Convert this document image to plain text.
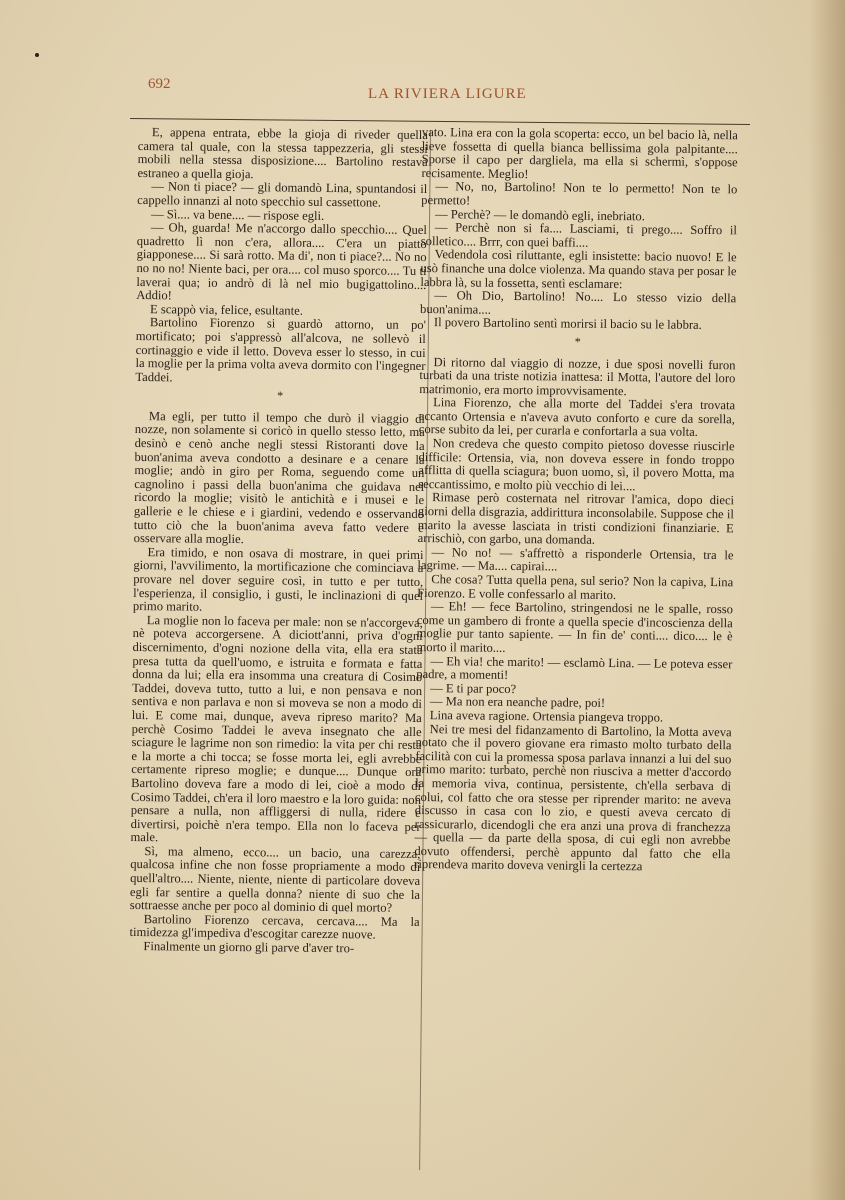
692
LA RIVIERA LIGURE

E, appena entrata, ebbe la gioja di riveder quella camera tal quale, con la stessa tappezzeria, gli stessi mobili nella stessa disposizione.... Bartolino restava estraneo a quella gioja.

— Non ti piace? — gli domandò Lina, spuntandosi il cappello innanzi al noto specchio sul cassettone.

— Sì.... va bene.... — rispose egli.

— Oh, guarda! Me n'accorgo dallo specchio.... Quel quadretto lì non c'era, allora.... C'era un piatto giapponese.... Si sarà rotto. Ma di', non ti piace?... No no no no no! Niente baci, per ora.... col muso sporco.... Tu ti laverai qua; io andrò di là nel mio bugigattolino.... Addio!

E scappò via, felice, esultante.

Bartolino Fiorenzo si guardò attorno, un po' mortificato; poi s'appressò all'alcova, ne sollevò il cortinaggio e vide il letto. Doveva esser lo stesso, in cui la moglie per la prima volta aveva dormito con l'ingegner Taddei.

*

Ma egli, per tutto il tempo che durò il viaggio di nozze, non solamente si coricò in quello stesso letto, ma desinò e cenò anche negli stessi Ristoranti dove la buon'anima aveva condotto a desinare e a cenare la moglie; andò in giro per Roma, seguendo come un cagnolino i passi della buon'anima che guidava nel ricordo la moglie; visitò le antichità e i musei e le gallerie e le chiese e i giardini, vedendo e osservando tutto ciò che la buon'anima aveva fatto vedere e osservare alla moglie.

Era timido, e non osava di mostrare, in quei primi giorni, l'avvilimento, la mortificazione che cominciava a provare nel dover seguire così, in tutto e per tutto, l'esperienza, il consiglio, i gusti, le inclinazioni di quel primo marito.

La moglie non lo faceva per male: non se n'accorgeva, nè poteva accorgersene. A diciott'anni, priva d'ogni discernimento, d'ogni nozione della vita, ella era stata presa tutta da quell'uomo, e istruita e formata e fatta donna da lui; ella era insomma una creatura di Cosimo Taddei, doveva tutto, tutto a lui, e non pensava e non sentiva e non parlava e non si moveva se non a modo di lui. E come mai, dunque, aveva ripreso marito? Ma perchè Cosimo Taddei le aveva insegnato che alle sciagure le lagrime non son rimedio: la vita per chi resta e la morte a chi tocca; se fosse morta lei, egli avrebbe certamente ripreso moglie; e dunque.... Dunque ora Bartolino doveva fare a modo di lei, cioè a modo di Cosimo Taddei, ch'era il loro maestro e la loro guida: non pensare a nulla, non affliggersi di nulla, ridere e divertirsi, poichè n'era tempo. Ella non lo faceva per male.

Sì, ma almeno, ecco.... un bacio, una carezza, qualcosa infine che non fosse propriamente a modo di quell'altro.... Niente, niente, niente di particolare doveva egli far sentire a quella donna? niente di suo che la sottraesse anche per poco al dominio di quel morto?

Bartolino Fiorenzo cercava, cercava.... Ma la timidezza gl'impediva d'escogitar carezze nuove.

Finalmente un giorno gli parve d'aver tro-

vato. Lina era con la gola scoperta: ecco, un bel bacio là, nella lieve fossetta di quella bianca bellissima gola palpitante.... Sporse il capo per dargliela, ma ella si schermì, s'oppose recisamente. Meglio!

— No, no, Bartolino! Non te lo permetto! Non te lo permetto!

— Perchè? — le domandò egli, inebriato.

— Perchè non si fa.... Lasciami, ti prego.... Soffro il solletico.... Brrr, con quei baffi....

Vedendola così riluttante, egli insistette: bacio nuovo! E le usò finanche una dolce violenza. Ma quando stava per posar le labbra là, su la fossetta, sentì esclamare:

— Oh Dio, Bartolino! No.... Lo stesso vizio della buon'anima....

Il povero Bartolino sentì morirsi il bacio su le labbra.

*

Di ritorno dal viaggio di nozze, i due sposi novelli furon turbati da una triste notizia inattesa: il Motta, l'autore del loro matrimonio, era morto improvvisamente.

Lina Fiorenzo, che alla morte del Taddei s'era trovata accanto Ortensia e n'aveva avuto conforto e cure da sorella, corse subito da lei, per curarla e confortarla a sua volta.

Non credeva che questo compito pietoso dovesse riuscirle difficile: Ortensia, via, non doveva essere in fondo troppo afflitta di quella sciagura; buon uomo, sì, il povero Motta, ma seccantissimo, e molto più vecchio di lei....

Rimase però costernata nel ritrovar l'amica, dopo dieci giorni della disgrazia, addirittura inconsolabile. Suppose che il marito la avesse lasciata in tristi condizioni finanziarie. E arrischiò, con garbo, una domanda.

— No no! — s'affrettò a risponderle Ortensia, tra le lagrime. — Ma.... capirai....

Che cosa? Tutta quella pena, sul serio? Non la capiva, Lina Fiorenzo. E volle confessarlo al marito.

— Eh! — fece Bartolino, stringendosi ne le spalle, rosso come un gambero di fronte a quella specie d'incoscienza della moglie pur tanto sapiente. — In fin de' conti.... dico.... le è morto il marito....

— Eh via! che marito! — esclamò Lina. — Le poteva esser padre, a momenti!

— E ti par poco?

— Ma non era neanche padre, poi!

Lina aveva ragione. Ortensia piangeva troppo.

Nei tre mesi del fidanzamento di Bartolino, la Motta aveva notato che il povero giovane era rimasto molto turbato della facilità con cui la promessa sposa parlava innanzi a lui del suo primo marito: turbato, perchè non riusciva a metter d'accordo la memoria viva, continua, persistente, ch'ella serbava di colui, col fatto che ora stesse per riprender marito: ne aveva discusso in casa con lo zio, e questi aveva cercato di rassicurarlo, dicendogli che era anzi una prova di franchezza — quella — da parte della sposa, di cui egli non avrebbe dovuto offendersi, perchè appunto dal fatto che ella riprendeva marito doveva venirgli la certezza
